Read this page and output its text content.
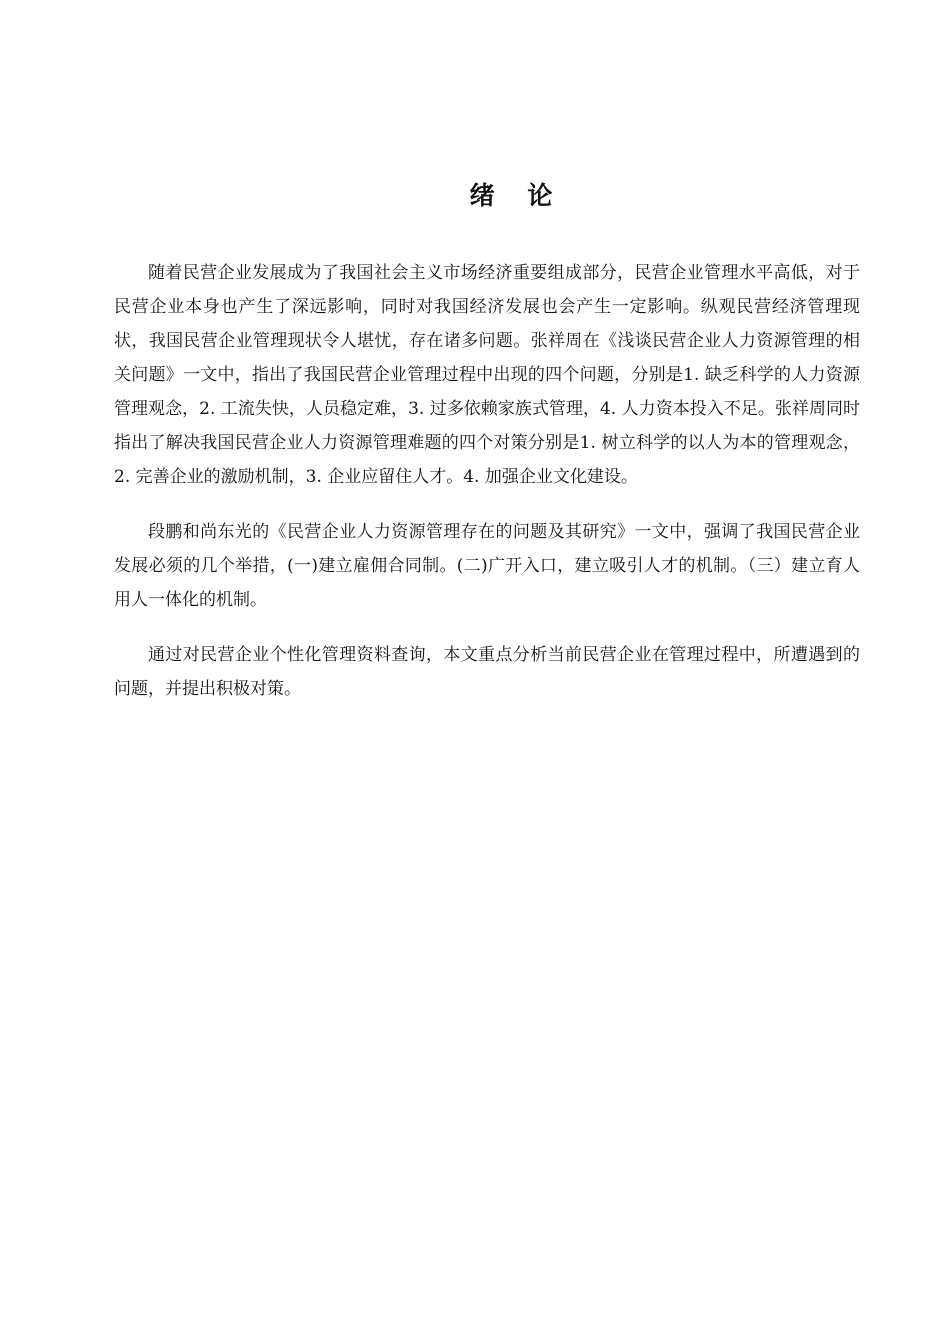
绪 论

随着民营企业发展成为了我国社会主义市场经济重要组成部分，民营企业管理水平高低，对于民营企业本身也产生了深远影响，同时对我国经济发展也会产生一定影响。纵观民营经济管理现状，我国民营企业管理现状令人堪忧，存在诸多问题。张祥周在《浅谈民营企业人力资源管理的相关问题》一文中，指出了我国民营企业管理过程中出现的四个问题，分别是1. 缺乏科学的人力资源管理观念，2. 工流失快，人员稳定难，3. 过多依赖家族式管理，4. 人力资本投入不足。张祥周同时指出了解决我国民营企业人力资源管理难题的四个对策分别是1. 树立科学的以人为本的管理观念，2. 完善企业的激励机制，3. 企业应留住人才。4. 加强企业文化建设。

段鹏和尚东光的《民营企业人力资源管理存在的问题及其研究》一文中，强调了我国民营企业发展必须的几个举措，(一)建立雇佣合同制。(二)广开入口，建立吸引人才的机制。（三）建立育人用人一体化的机制。

通过对民营企业个性化管理资料查询，本文重点分析当前民营企业在管理过程中，所遭遇到的问题，并提出积极对策。
